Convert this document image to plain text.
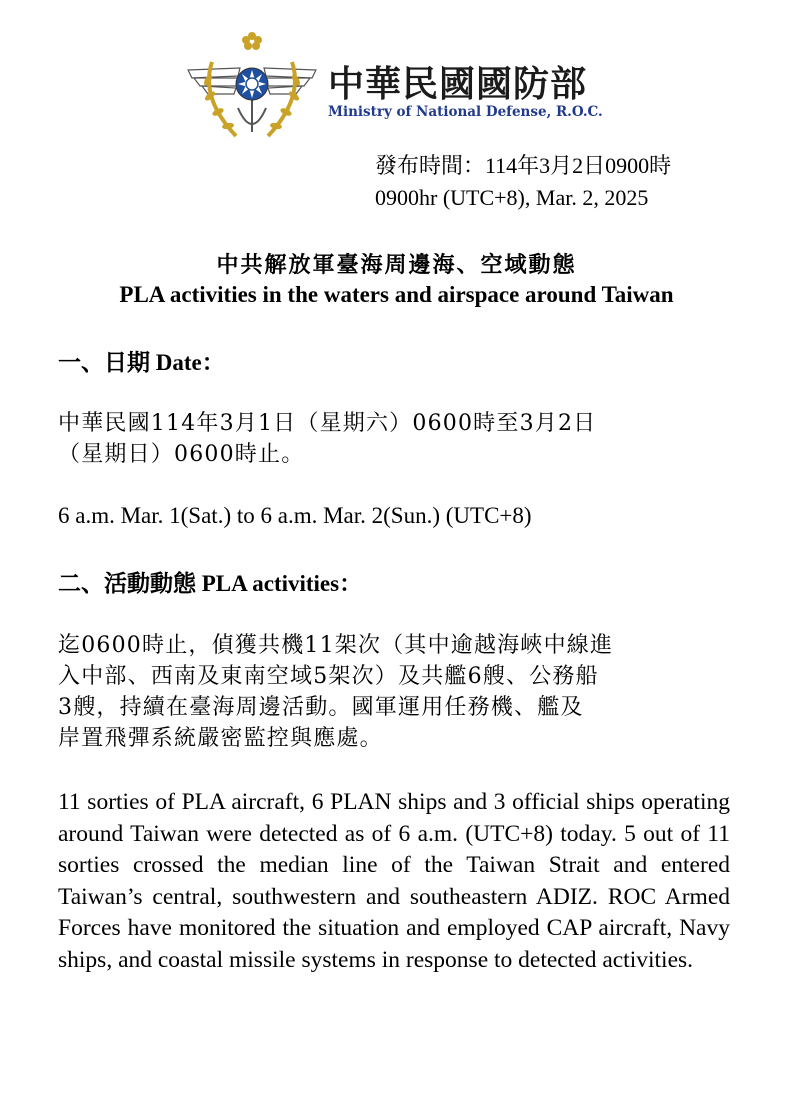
中華民國國防部
Ministry of National Defense, R.O.C.
發布時間：114年3月2日0900時
0900hr (UTC+8), Mar. 2, 2025
中共解放軍臺海周邊海、空域動態
PLA activities in the waters and airspace around Taiwan
一、日期 Date：
中華民國114年3月1日（星期六）0600時至3月2日
（星期日）0600時止。
6 a.m. Mar. 1(Sat.) to 6 a.m. Mar. 2(Sun.) (UTC+8)
二、活動動態 PLA activities：
迄0600時止，偵獲共機11架次（其中逾越海峽中線進
入中部、西南及東南空域5架次）及共艦6艘、公務船
3艘，持續在臺海周邊活動。國軍運用任務機、艦及
岸置飛彈系統嚴密監控與應處。
11 sorties of PLA aircraft, 6 PLAN ships and 3 official ships operating around Taiwan were detected as of 6 a.m. (UTC+8) today. 5 out of 11 sorties crossed the median line of the Taiwan Strait and entered Taiwan’s central, southwestern and southeastern ADIZ. ROC Armed Forces have monitored the situation and employed CAP aircraft, Navy ships, and coastal missile systems in response to detected activities.
